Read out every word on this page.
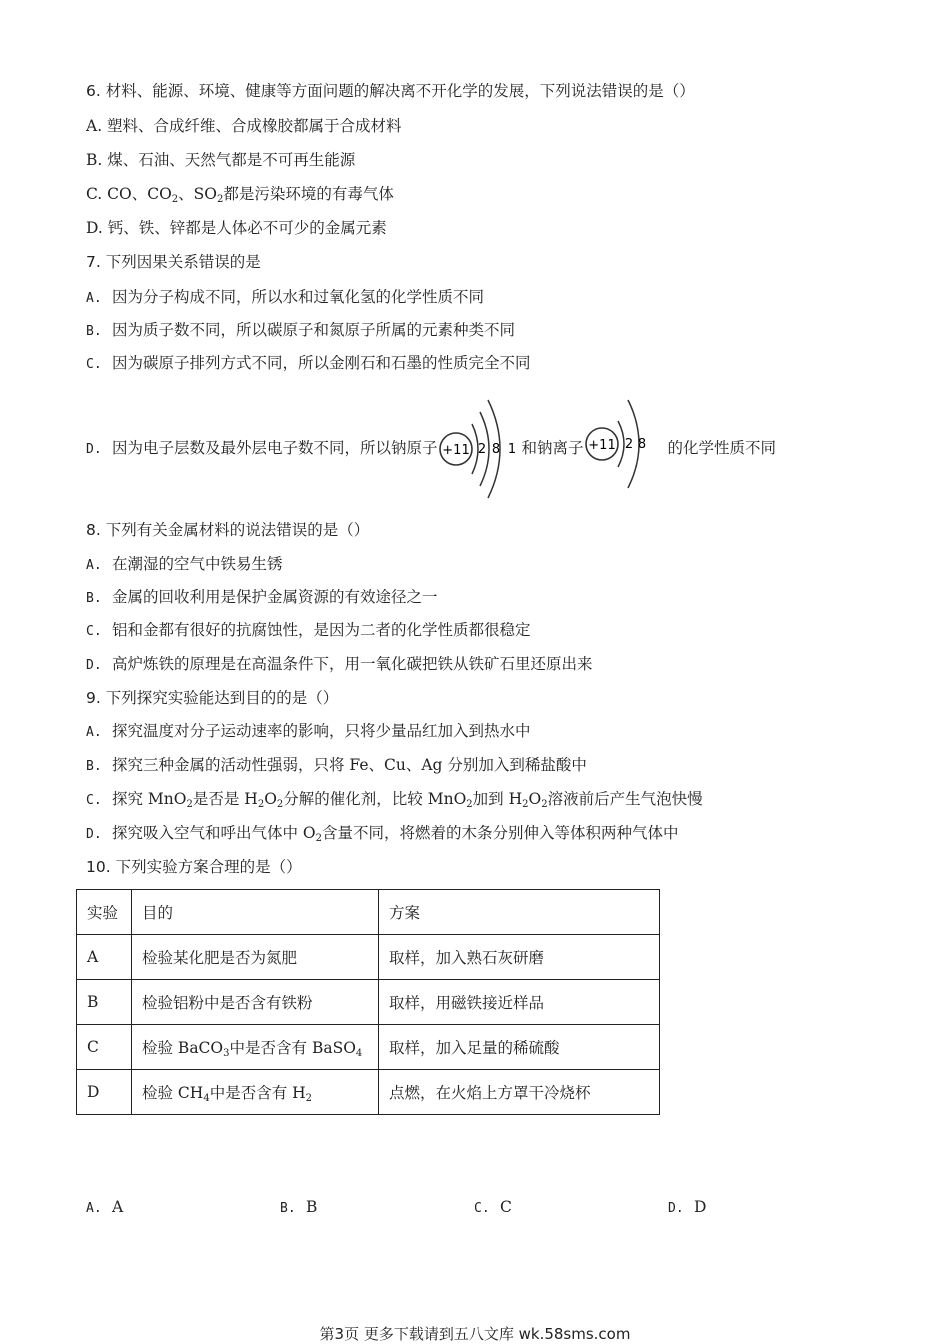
6. 材料、能源、环境、健康等方面问题的解决离不开化学的发展，下列说法错误的是（）
A. 塑料、合成纤维、合成橡胶都属于合成材料
B. 煤、石油、天然气都是不可再生能源
C. CO、$CO_2$、$SO_2$都是污染环境的有毒气体
D. 钙、铁、锌都是人体必不可少的金属元素
7. 下列因果关系错误的是
A. 因为分子构成不同，所以水和过氧化氢的化学性质不同
B. 因为质子数不同，所以碳原子和氮原子所属的元素种类不同
C. 因为碳原子排列方式不同，所以金刚石和石墨的性质完全不同
D. 因为电子层数及最外层电子数不同，所以钠原子 +11 2 8 1 和钠离子 +11 2 8 的化学性质不同
8. 下列有关金属材料的说法错误的是（）
A. 在潮湿的空气中铁易生锈
B. 金属的回收利用是保护金属资源的有效途径之一
C. 铝和金都有很好的抗腐蚀性，是因为二者的化学性质都很稳定
D. 高炉炼铁的原理是在高温条件下，用一氧化碳把铁从铁矿石里还原出来
9. 下列探究实验能达到目的的是（）
A. 探究温度对分子运动速率的影响，只将少量品红加入到热水中
B. 探究三种金属的活动性强弱，只将 Fe、Cu、Ag 分别加入到稀盐酸中
C. 探究 MnO$_2$是否是 $H_2O_2$分解的催化剂，比较 MnO$_2$加到 $H_2O_2$溶液前后产生气泡快慢
D. 探究吸入空气和呼出气体中 $O_2$含量不同，将燃着的木条分别伸入等体积两种气体中
10. 下列实验方案合理的是（）
实验	目的	方案
A	检验某化肥是否为氮肥	取样，加入熟石灰研磨
B	检验铝粉中是否含有铁粉	取样，用磁铁接近样品
C	检验 BaCO$_3$中是否含有 BaSO$_4$	取样，加入足量的稀硫酸
D	检验 $CH_4$中是否含有 $H_2$	点燃，在火焰上方罩干冷烧杯
A. A	B. B	C. C	D. D
第3页 更多下载请到五八文库 wk.58sms.com
